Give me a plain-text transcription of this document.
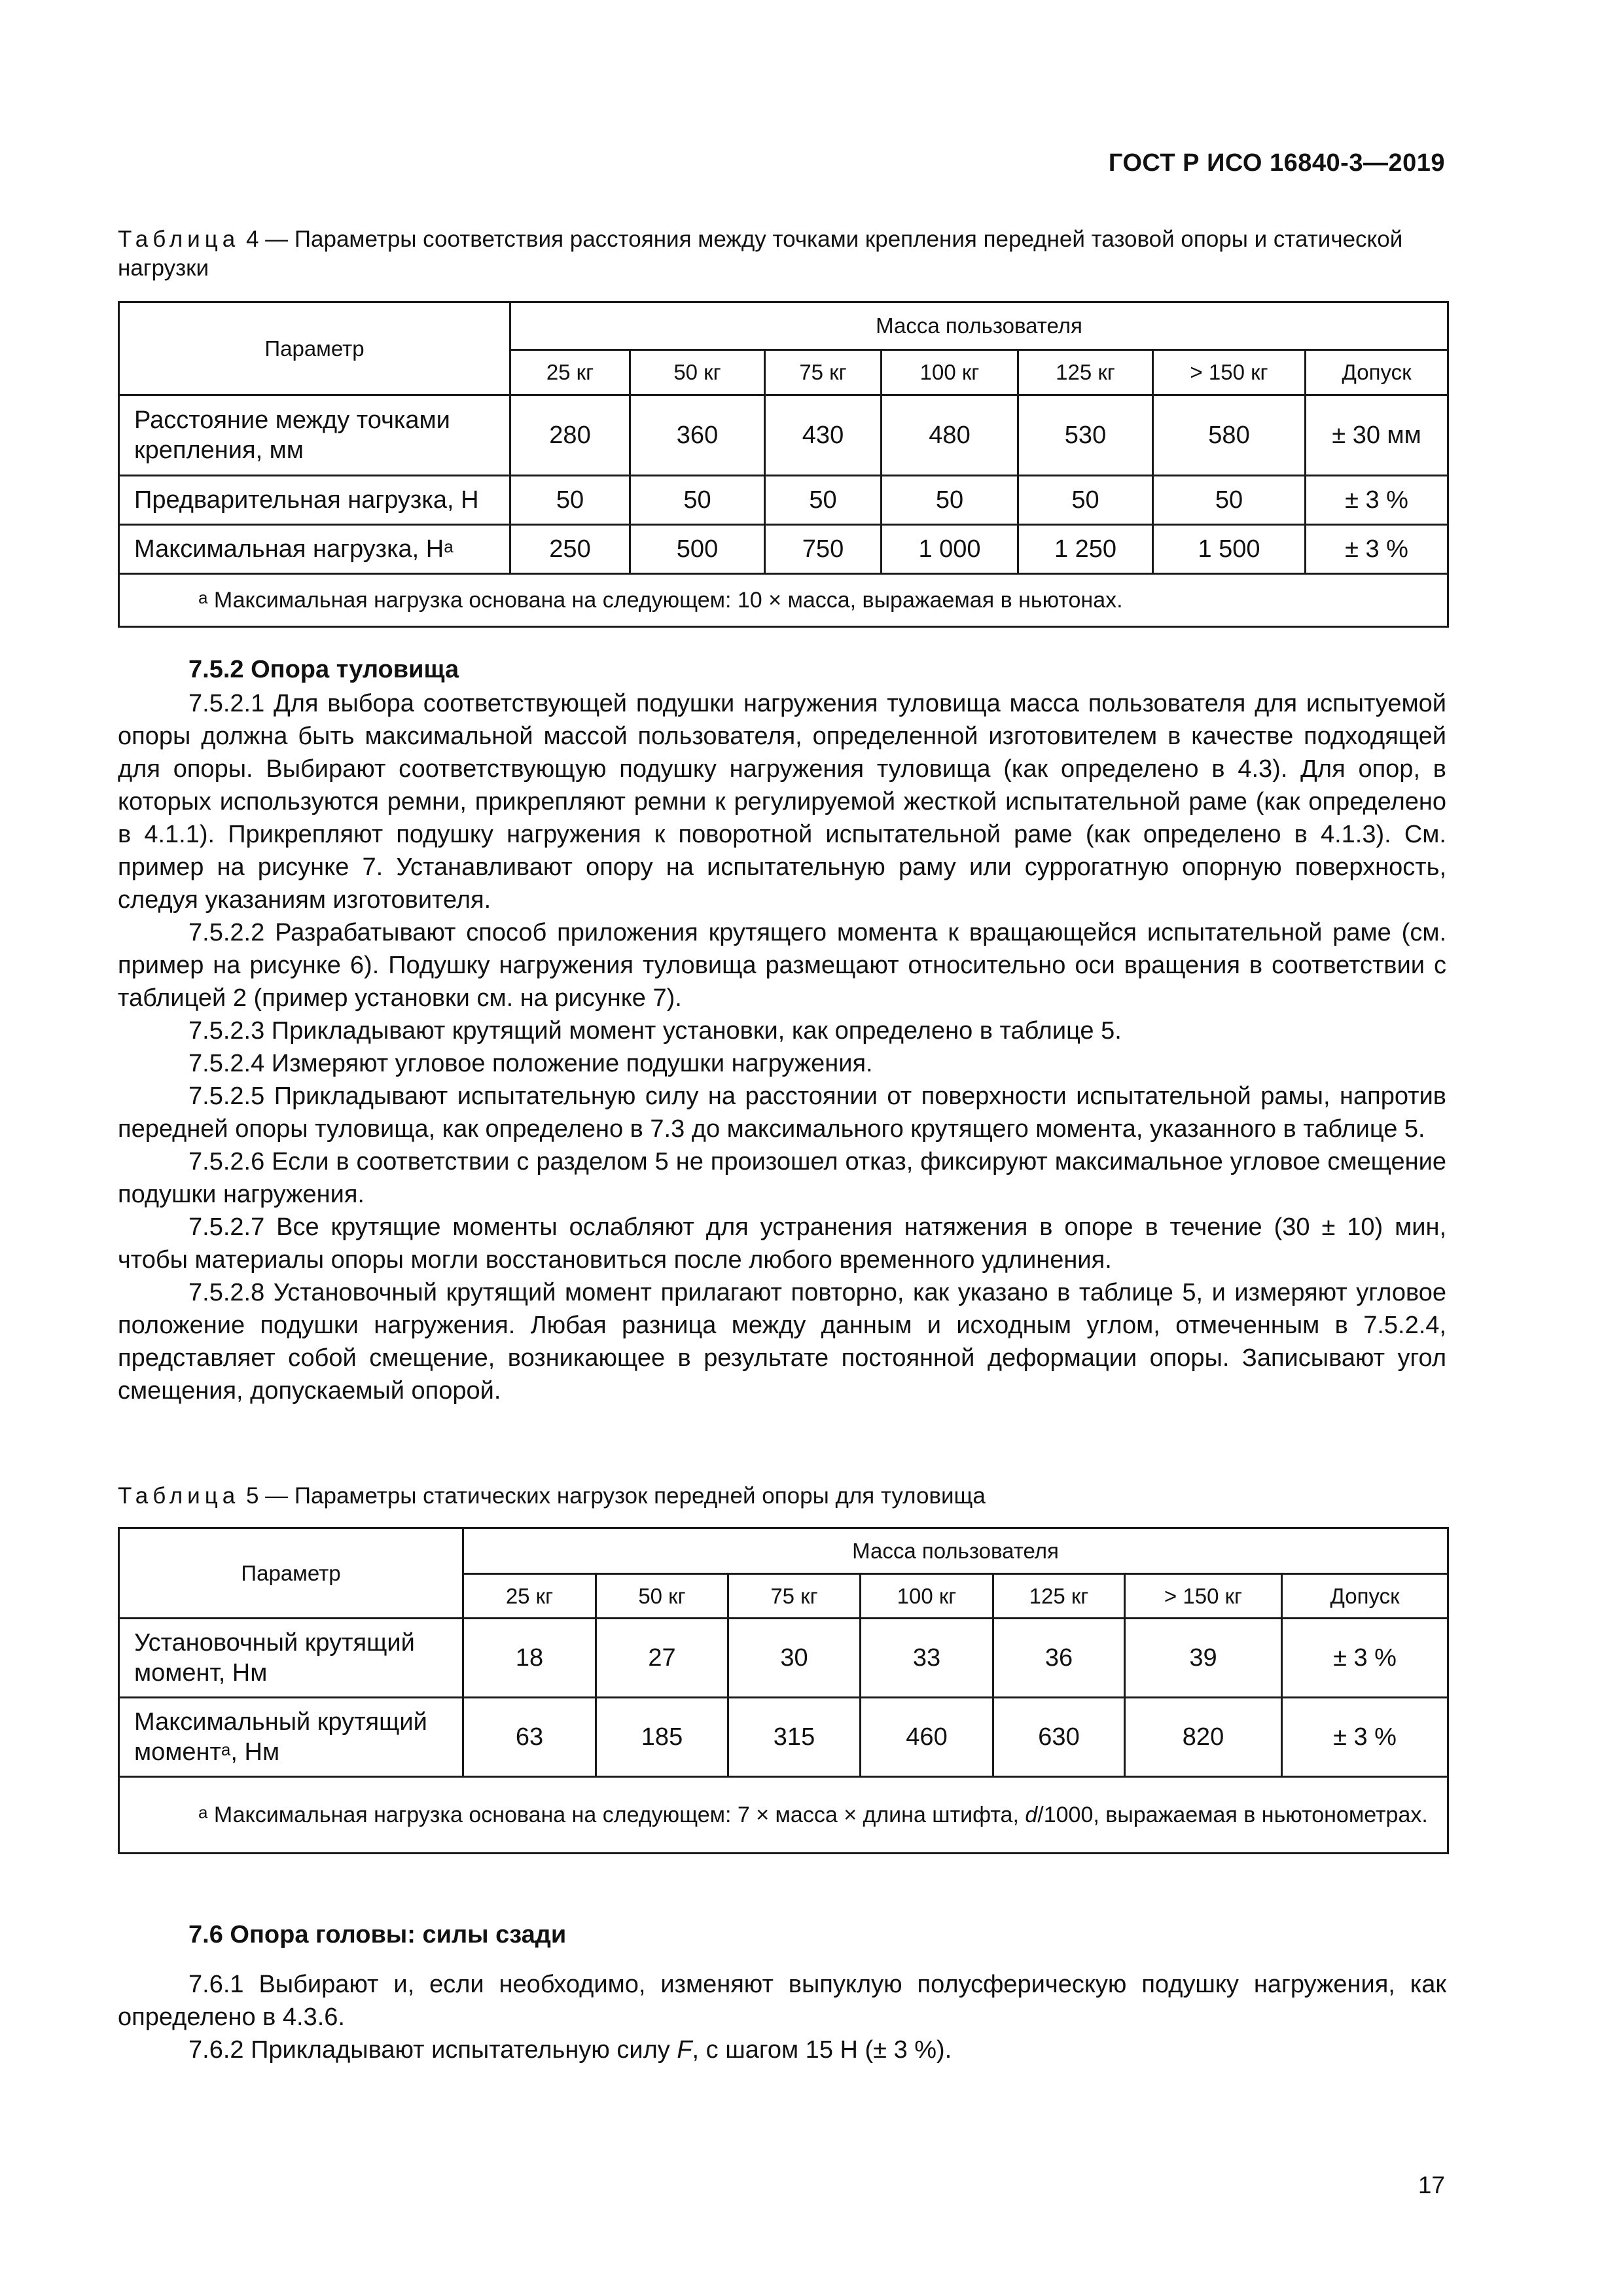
ГОСТ Р ИСО 16840-3—2019
Таблица 4 — Параметры соответствия расстояния между точками крепления передней тазовой опоры и статической нагрузки
Параметр	Масса пользователя						
	25 кг	50 кг	75 кг	100 кг	125 кг	> 150 кг	Допуск
Расстояние между точками крепления, мм	280	360	430	480	530	580	± 30 мм
Предварительная нагрузка, Н	50	50	50	50	50	50	± 3 %
Максимальная нагрузка, $Н^a$	250	500	750	1 000	1 250	1 500	± 3 %
$^a$ Максимальная нагрузка основана на следующем: 10 × масса, выражаемая в ньютонах.							
7.5.2 Опора туловища

7.5.2.1 Для выбора соответствующей подушки нагружения туловища масса пользователя для испытуемой опоры должна быть максимальной массой пользователя, определенной изготовителем в качестве подходящей для опоры. Выбирают соответствующую подушку нагружения туловища (как определено в 4.3). Для опор, в которых используются ремни, прикрепляют ремни к регулируемой жесткой испытательной раме (как определено в 4.1.1). Прикрепляют подушку нагружения к поворотной испытательной раме (как определено в 4.1.3). См. пример на рисунке 7. Устанавливают опору на испытательную раму или суррогатную опорную поверхность, следуя указаниям изготовителя.

7.5.2.2 Разрабатывают способ приложения крутящего момента к вращающейся испытательной раме (см. пример на рисунке 6). Подушку нагружения туловища размещают относительно оси вращения в соответствии с таблицей 2 (пример установки см. на рисунке 7).

7.5.2.3 Прикладывают крутящий момент установки, как определено в таблице 5.

7.5.2.4 Измеряют угловое положение подушки нагружения.

7.5.2.5 Прикладывают испытательную силу на расстоянии от поверхности испытательной рамы, напротив передней опоры туловища, как определено в 7.3 до максимального крутящего момента, указанного в таблице 5.

7.5.2.6 Если в соответствии с разделом 5 не произошел отказ, фиксируют максимальное угловое смещение подушки нагружения.

7.5.2.7 Все крутящие моменты ослабляют для устранения натяжения в опоре в течение (30 ± 10) мин, чтобы материалы опоры могли восстановиться после любого временного удлинения.

7.5.2.8 Установочный крутящий момент прилагают повторно, как указано в таблице 5, и измеряют угловое положение подушки нагружения. Любая разница между данным и исходным углом, отмеченным в 7.5.2.4, представляет собой смещение, возникающее в результате постоянной деформации опоры. Записывают угол смещения, допускаемый опорой.

Таблица 5 — Параметры статических нагрузок передней опоры для туловища
Параметр	Масса пользователя						
	25 кг	50 кг	75 кг	100 кг	125 кг	> 150 кг	Допуск
Установочный крутящий момент, Нм	18	27	30	33	36	39	± 3 %
Максимальный крутящий момент$^a$, Нм	63	185	315	460	630	820	± 3 %
$^a$ Максимальная нагрузка основана на следующем: 7 × масса × длина штифта, d/1000, выражаемая в ньютонометрах.							
7.6 Опора головы: силы сзади

7.6.1 Выбирают и, если необходимо, изменяют выпуклую полусферическую подушку нагружения, как определено в 4.3.6.

7.6.2 Прикладывают испытательную силу F, с шагом 15 Н (± 3 %).

17
